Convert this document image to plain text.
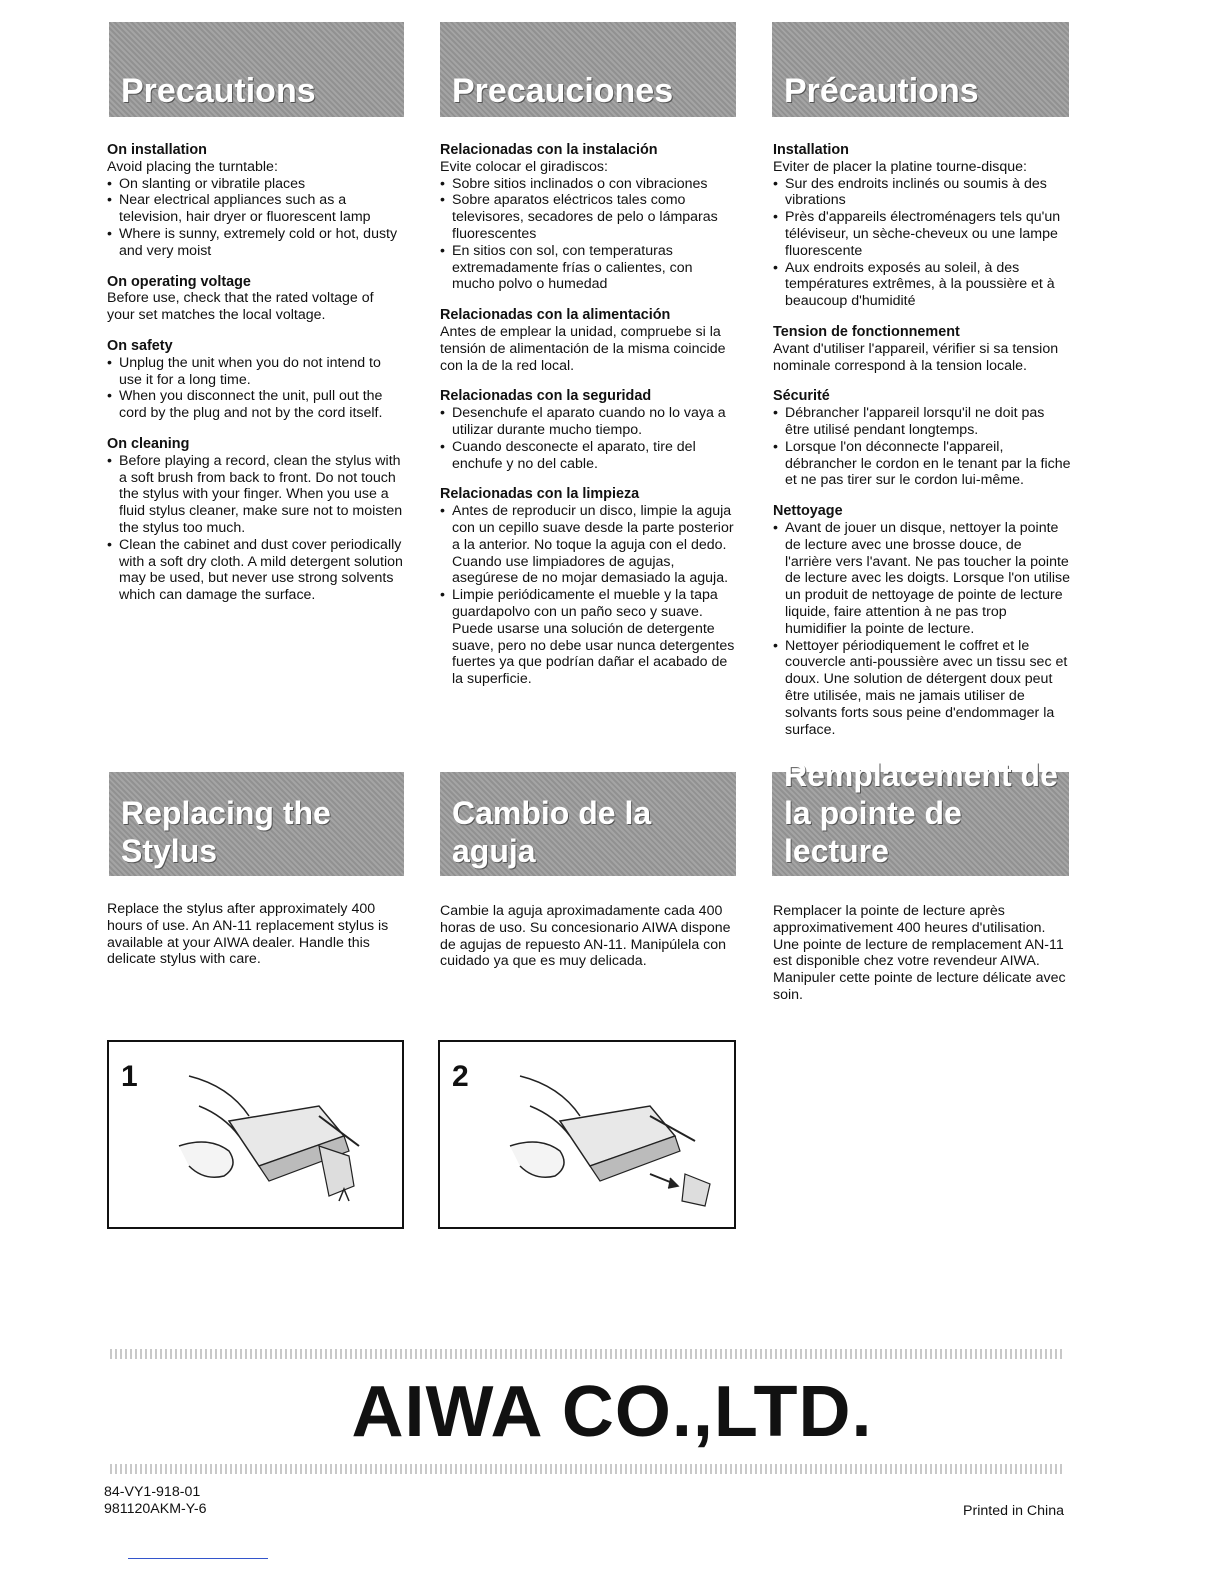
Precautions	Precauciones	Précautions
On installation

Avoid placing the turntable:

• On slanting or vibratile places
• Near electrical appliances such as a television, hair dryer or fluorescent lamp
• Where is sunny, extremely cold or hot, dusty and very moist
On operating voltage

Before use, check that the rated voltage of your set matches the local voltage.

On safety
• Unplug the unit when you do not intend to use it for a long time.
• When you disconnect the unit, pull out the cord by the plug and not by the cord itself.
On cleaning
• Before playing a record, clean the stylus with a soft brush from back to front. Do not touch the stylus with your finger. When you use a fluid stylus cleaner, make sure not to moisten the stylus too much.
• Clean the cabinet and dust cover periodically with a soft dry cloth. A mild detergent solution may be used, but never use strong solvents which can damage the surface.
Relacionadas con la instalación

Evite colocar el giradiscos:

• Sobre sitios inclinados o con vibraciones
• Sobre aparatos eléctricos tales como televisores, secadores de pelo o lámparas fluorescentes
• En sitios con sol, con temperaturas extremadamente frías o calientes, con mucho polvo o humedad
Relacionadas con la alimentación

Antes de emplear la unidad, compruebe si la tensión de alimentación de la misma coincide con la de la red local.

Relacionadas con la seguridad
• Desenchufe el aparato cuando no lo vaya a utilizar durante mucho tiempo.
• Cuando desconecte el aparato, tire del enchufe y no del cable.
Relacionadas con la limpieza
• Antes de reproducir un disco, limpie la aguja con un cepillo suave desde la parte posterior a la anterior. No toque la aguja con el dedo. Cuando use limpiadores de agujas, asegúrese de no mojar demasiado la aguja.
• Limpie periódicamente el mueble y la tapa guardapolvo con un paño seco y suave. Puede usarse una solución de detergente suave, pero no debe usar nunca detergentes fuertes ya que podrían dañar el acabado de la superficie.
Installation

Eviter de placer la platine tourne-disque:

• Sur des endroits inclinés ou soumis à des vibrations
• Près d'appareils électroménagers tels qu'un téléviseur, un sèche-cheveux ou une lampe fluorescente
• Aux endroits exposés au soleil, à des températures extrêmes, à la poussière et à beaucoup d'humidité
Tension de fonctionnement

Avant d'utiliser l'appareil, vérifier si sa tension nominale correspond à la tension locale.

Sécurité
• Débrancher l'appareil lorsqu'il ne doit pas être utilisé pendant longtemps.
• Lorsque l'on déconnecte l'appareil, débrancher le cordon en le tenant par la fiche et ne pas tirer sur le cordon lui-même.
Nettoyage
• Avant de jouer un disque, nettoyer la pointe de lecture avec une brosse douce, de l'arrière vers l'avant. Ne pas toucher la pointe de lecture avec les doigts. Lorsque l'on utilise un produit de nettoyage de pointe de lecture liquide, faire attention à ne pas trop humidifier la pointe de lecture.
• Nettoyer périodiquement le coffret et le couvercle anti-poussière avec un tissu sec et doux. Une solution de détergent doux peut être utilisée, mais ne jamais utiliser de solvants forts sous peine d'endommager la surface.
Replacing the
Stylus
Cambio de la
aguja
Remplacement de
la pointe de lecture

Replace the stylus after approximately 400 hours of use. An AN-11 replacement stylus is available at your AIWA dealer. Handle this delicate stylus with care.

Cambie la aguja aproximadamente cada 400 horas de uso. Su concesionario AIWA dispone de agujas de repuesto AN-11. Manipúlela con cuidado ya que es muy delicada.

Remplacer la pointe de lecture après approximativement 400 heures d'utilisation. Une pointe de lecture de remplacement AN-11 est disponible chez votre revendeur AIWA. Manipuler cette pointe de lecture délicate avec soin.

1	2
AIWA CO.,LTD.
84-VY1-918-01
981120AKM-Y-6	Printed in China
